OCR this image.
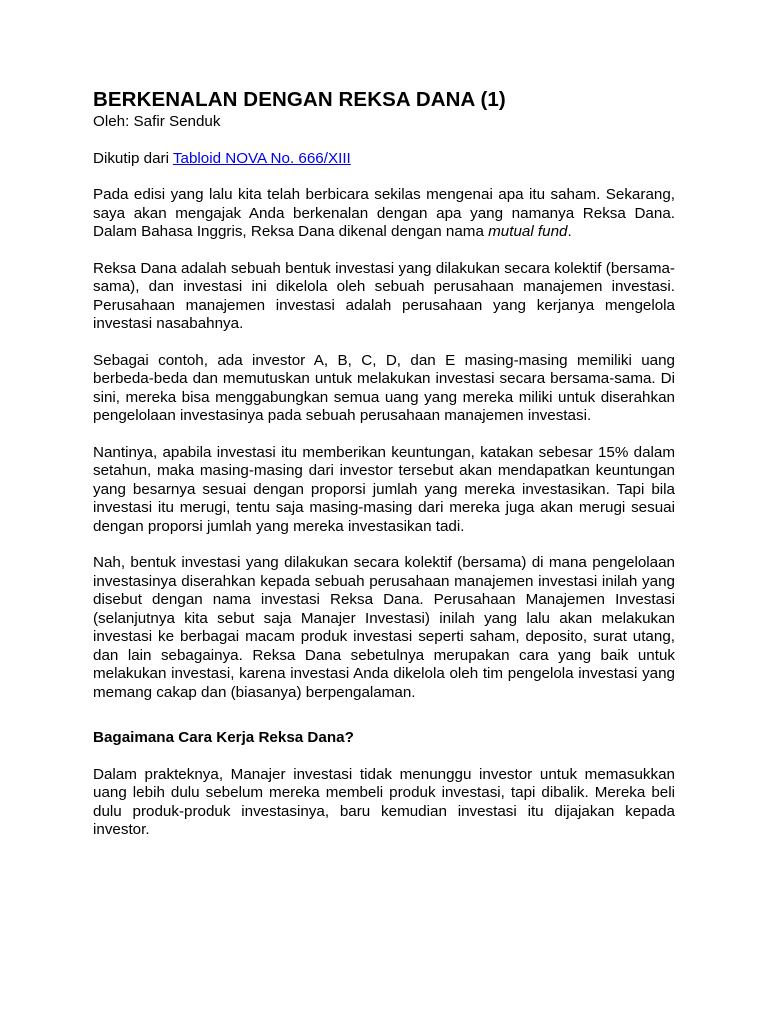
BERKENALAN DENGAN REKSA DANA (1)

Oleh: Safir Senduk

Dikutip dari Tabloid NOVA No. 666/XIII

Pada edisi yang lalu kita telah berbicara sekilas mengenai apa itu saham. Sekarang, saya akan mengajak Anda berkenalan dengan apa yang namanya Reksa Dana. Dalam Bahasa Inggris, Reksa Dana dikenal dengan nama mutual fund.

Reksa Dana adalah sebuah bentuk investasi yang dilakukan secara kolektif (bersama-sama), dan investasi ini dikelola oleh sebuah perusahaan manajemen investasi. Perusahaan manajemen investasi adalah perusahaan yang kerjanya mengelola investasi nasabahnya.

Sebagai contoh, ada investor A, B, C, D, dan E masing-masing memiliki uang berbeda-beda dan memutuskan untuk melakukan investasi secara bersama-sama. Di sini, mereka bisa menggabungkan semua uang yang mereka miliki untuk diserahkan pengelolaan investasinya pada sebuah perusahaan manajemen investasi.

Nantinya, apabila investasi itu memberikan keuntungan, katakan sebesar 15% dalam setahun, maka masing-masing dari investor tersebut akan mendapatkan keuntungan yang besarnya sesuai dengan proporsi jumlah yang mereka investasikan. Tapi bila investasi itu merugi, tentu saja masing-masing dari mereka juga akan merugi sesuai dengan proporsi jumlah yang mereka investasikan tadi.

Nah, bentuk investasi yang dilakukan secara kolektif (bersama) di mana pengelolaan investasinya diserahkan kepada sebuah perusahaan manajemen investasi inilah yang disebut dengan nama investasi Reksa Dana. Perusahaan Manajemen Investasi (selanjutnya kita sebut saja Manajer Investasi) inilah yang lalu akan melakukan investasi ke berbagai macam produk investasi seperti saham, deposito, surat utang, dan lain sebagainya. Reksa Dana sebetulnya merupakan cara yang baik untuk melakukan investasi, karena investasi Anda dikelola oleh tim pengelola investasi yang memang cakap dan (biasanya) berpengalaman.

Bagaimana Cara Kerja Reksa Dana?

Dalam prakteknya, Manajer investasi tidak menunggu investor untuk memasukkan uang lebih dulu sebelum mereka membeli produk investasi, tapi dibalik. Mereka beli dulu produk-produk investasinya, baru kemudian investasi itu dijajakan kepada investor.
